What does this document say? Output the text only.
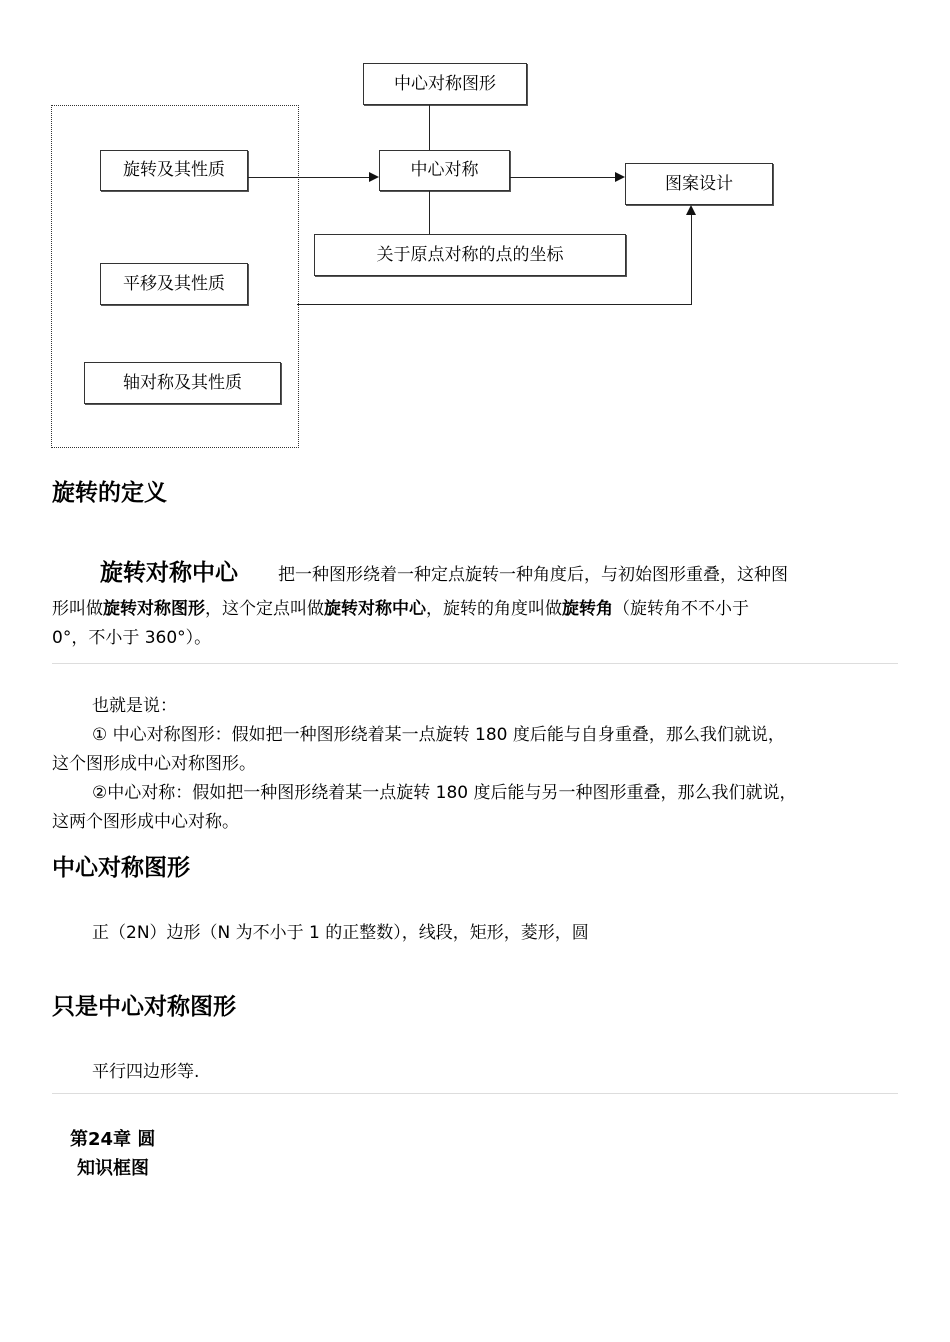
中心对称图形
旋转及其性质	中心对称
图案设计
关于原点对称的点的坐标
平移及其性质
轴对称及其性质
旋转的定义
旋转对称中心 把一种图形绕着一种定点旋转一种角度后，与初始图形重叠，这种图
形叫做旋转对称图形，这个定点叫做旋转对称中心，旋转的角度叫做旋转角（旋转角不不小于
0°，不小于 360°）。
也就是说：
① 中心对称图形：假如把一种图形绕着某一点旋转 180 度后能与自身重叠，那么我们就说，
这个图形成中心对称图形。
②中心对称：假如把一种图形绕着某一点旋转 180 度后能与另一种图形重叠，那么我们就说，
这两个图形成中心对称。
中心对称图形
正（2N）边形（N 为不小于 1 的正整数），线段，矩形，菱形，圆
只是中心对称图形
平行四边形等.
第24章 圆
知识框图
